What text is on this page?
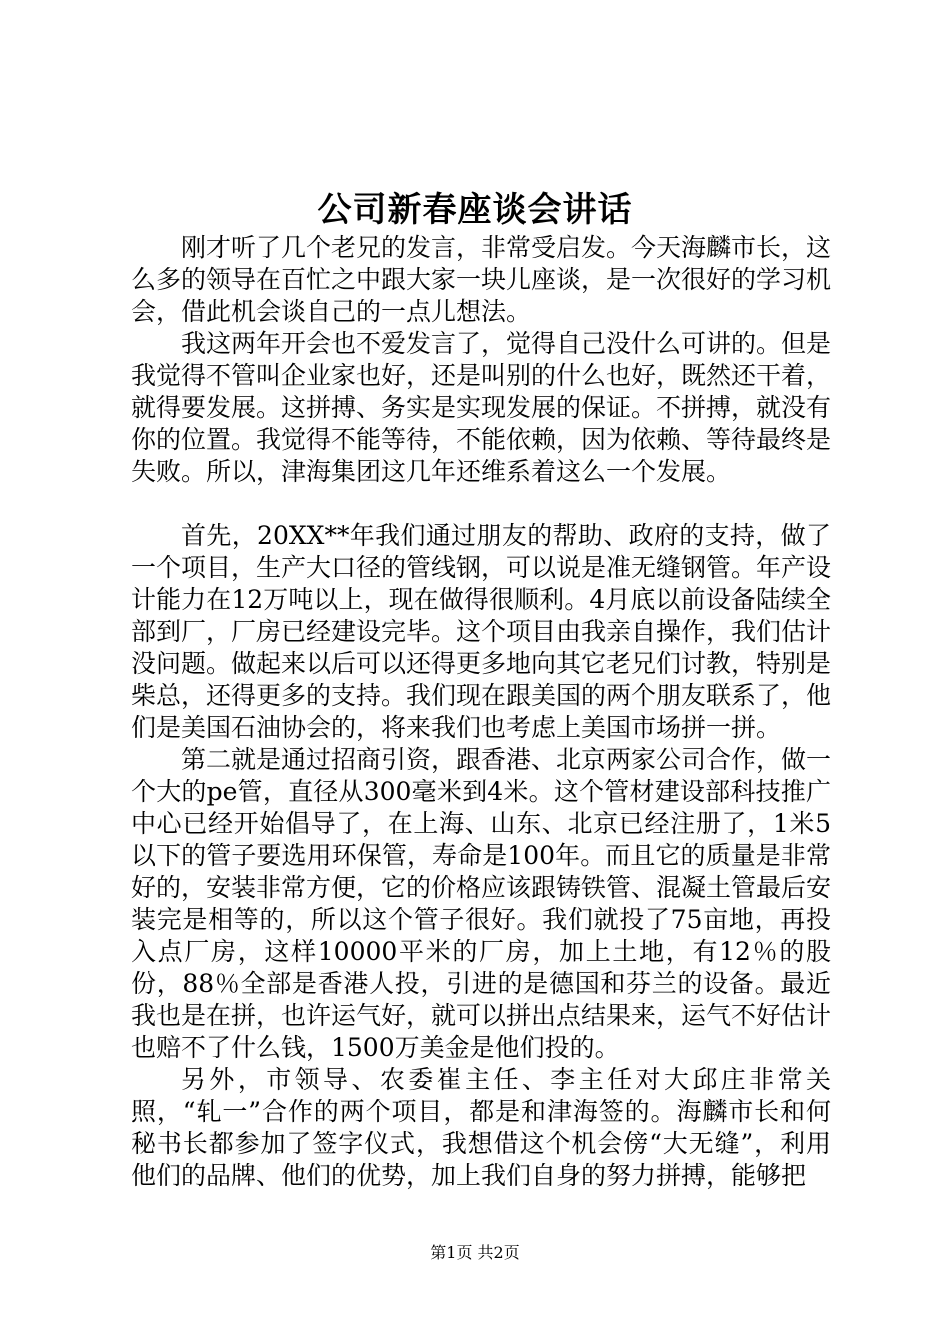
公司新春座谈会讲话

刚才听了几个老兄的发言，非常受启发。今天海麟市长，这么多的领导在百忙之中跟大家一块儿座谈，是一次很好的学习机会，借此机会谈自己的一点儿想法。

我这两年开会也不爱发言了，觉得自己没什么可讲的。但是我觉得不管叫企业家也好，还是叫别的什么也好，既然还干着，就得要发展。这拼搏、务实是实现发展的保证。不拼搏，就没有你的位置。我觉得不能等待，不能依赖，因为依赖、等待最终是失败。所以，津海集团这几年还维系着这么一个发展。

首先，20XX**年我们通过朋友的帮助、政府的支持，做了一个项目，生产大口径的管线钢，可以说是准无缝钢管。年产设计能力在12万吨以上，现在做得很顺利。4月底以前设备陆续全部到厂，厂房已经建设完毕。这个项目由我亲自操作，我们估计没问题。做起来以后可以还得更多地向其它老兄们讨教，特别是柴总，还得更多的支持。我们现在跟美国的两个朋友联系了，他们是美国石油协会的，将来我们也考虑上美国市场拼一拼。

第二就是通过招商引资，跟香港、北京两家公司合作，做一个大的pe管，直径从300毫米到4米。这个管材建设部科技推广中心已经开始倡导了，在上海、山东、北京已经注册了，1米5以下的管子要选用环保管，寿命是100年。而且它的质量是非常好的，安装非常方便，它的价格应该跟铸铁管、混凝土管最后安装完是相等的，所以这个管子很好。我们就投了75亩地，再投入点厂房，这样10000平米的厂房，加上土地，有12％的股份，88％全部是香港人投，引进的是德国和芬兰的设备。最近我也是在拼，也许运气好，就可以拼出点结果来，运气不好估计也赔不了什么钱，1500万美金是他们投的。

另外，市领导、农委崔主任、李主任对大邱庄非常关照，“轧一”合作的两个项目，都是和津海签的。海麟市长和何秘书长都参加了签字仪式，我想借这个机会傍“大无缝”，利用他们的品牌、他们的优势，加上我们自身的努力拼搏，能够把

第1页 共2页
